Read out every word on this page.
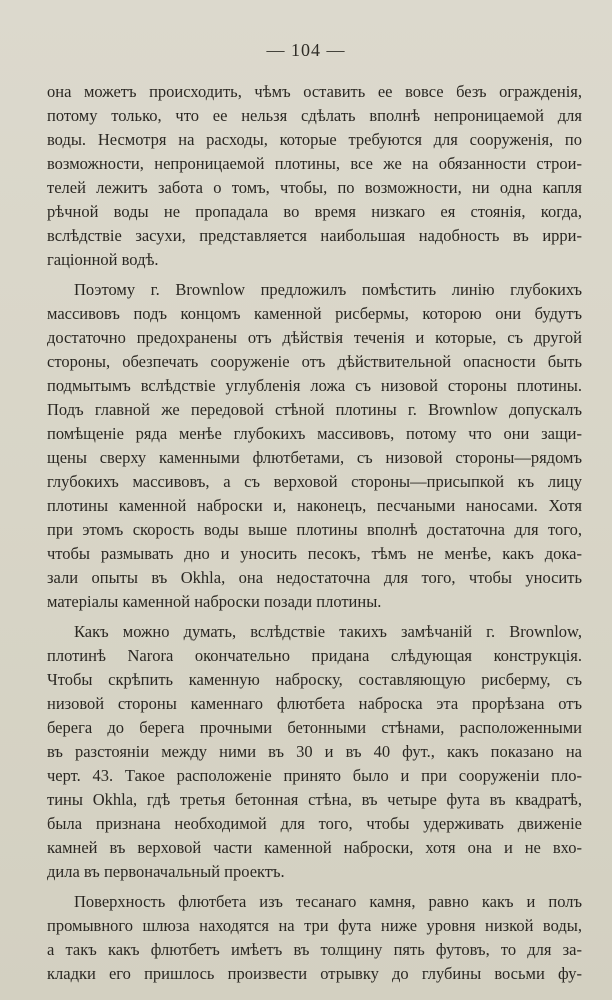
— 104 —
она можетъ происходить, чѣмъ оставить ее вовсе безъ огражденія,
потому только, что ее нельзя сдѣлать вполнѣ непроницаемой для
воды. Несмотря на расходы, которые требуются для сооруженія, по
возможности, непроницаемой плотины, все же на обязанности строи-
телей лежитъ забота о томъ, чтобы, по возможности, ни одна капля
рѣчной воды не пропадала во время низкаго ея стоянія, когда,
вслѣдствіе засухи, представляется наибольшая надобность въ ирри-
гаціонной водѣ.
Поэтому г. Brownlow предложилъ помѣстить линію глубокихъ
массивовъ подъ концомъ каменной рисбермы, которою они будутъ
достаточно предохранены отъ дѣйствія теченія и которые, съ другой
стороны, обезпечать сооруженіе отъ дѣйствительной опасности быть
подмытымъ вслѣдствіе углубленія ложа съ низовой стороны плотины.
Подъ главной же передовой стѣной плотины г. Brownlow допускалъ
помѣщеніе ряда менѣе глубокихъ массивовъ, потому что они защи-
щены сверху каменными флютбетами, съ низовой стороны—рядомъ
глубокихъ массивовъ, а съ верховой стороны—присыпкой къ лицу
плотины каменной наброски и, наконецъ, песчаными наносами. Хотя
при этомъ скорость воды выше плотины вполнѣ достаточна для того,
чтобы размывать дно и уносить песокъ, тѣмъ не менѣе, какъ дока-
зали опыты въ Okhla, она недостаточна для того, чтобы уносить
матеріалы каменной наброски позади плотины.
Какъ можно думать, вслѣдствіе такихъ замѣчаній г. Brownlow,
плотинѣ Narora окончательно придана слѣдующая конструкція.
Чтобы скрѣпить каменную наброску, составляющую рисберму, съ
низовой стороны каменнаго флютбета наброска эта прорѣзана отъ
берега до берега прочными бетонными стѣнами, расположенными
въ разстояніи между ними въ 30 и въ 40 фут., какъ показано на
черт. 43. Такое расположеніе принято было и при сооруженіи пло-
тины Okhla, гдѣ третья бетонная стѣна, въ четыре фута въ квадратѣ,
была признана необходимой для того, чтобы удерживать движеніе
камней въ верховой части каменной наброски, хотя она и не вхо-
дила въ первоначальный проектъ.
Поверхность флютбета изъ тесанаго камня, равно какъ и полъ
промывного шлюза находятся на три фута ниже уровня низкой воды,
а такъ какъ флютбетъ имѣетъ въ толщину пять футовъ, то для за-
кладки его пришлось произвести отрывку до глубины восьми фу-
